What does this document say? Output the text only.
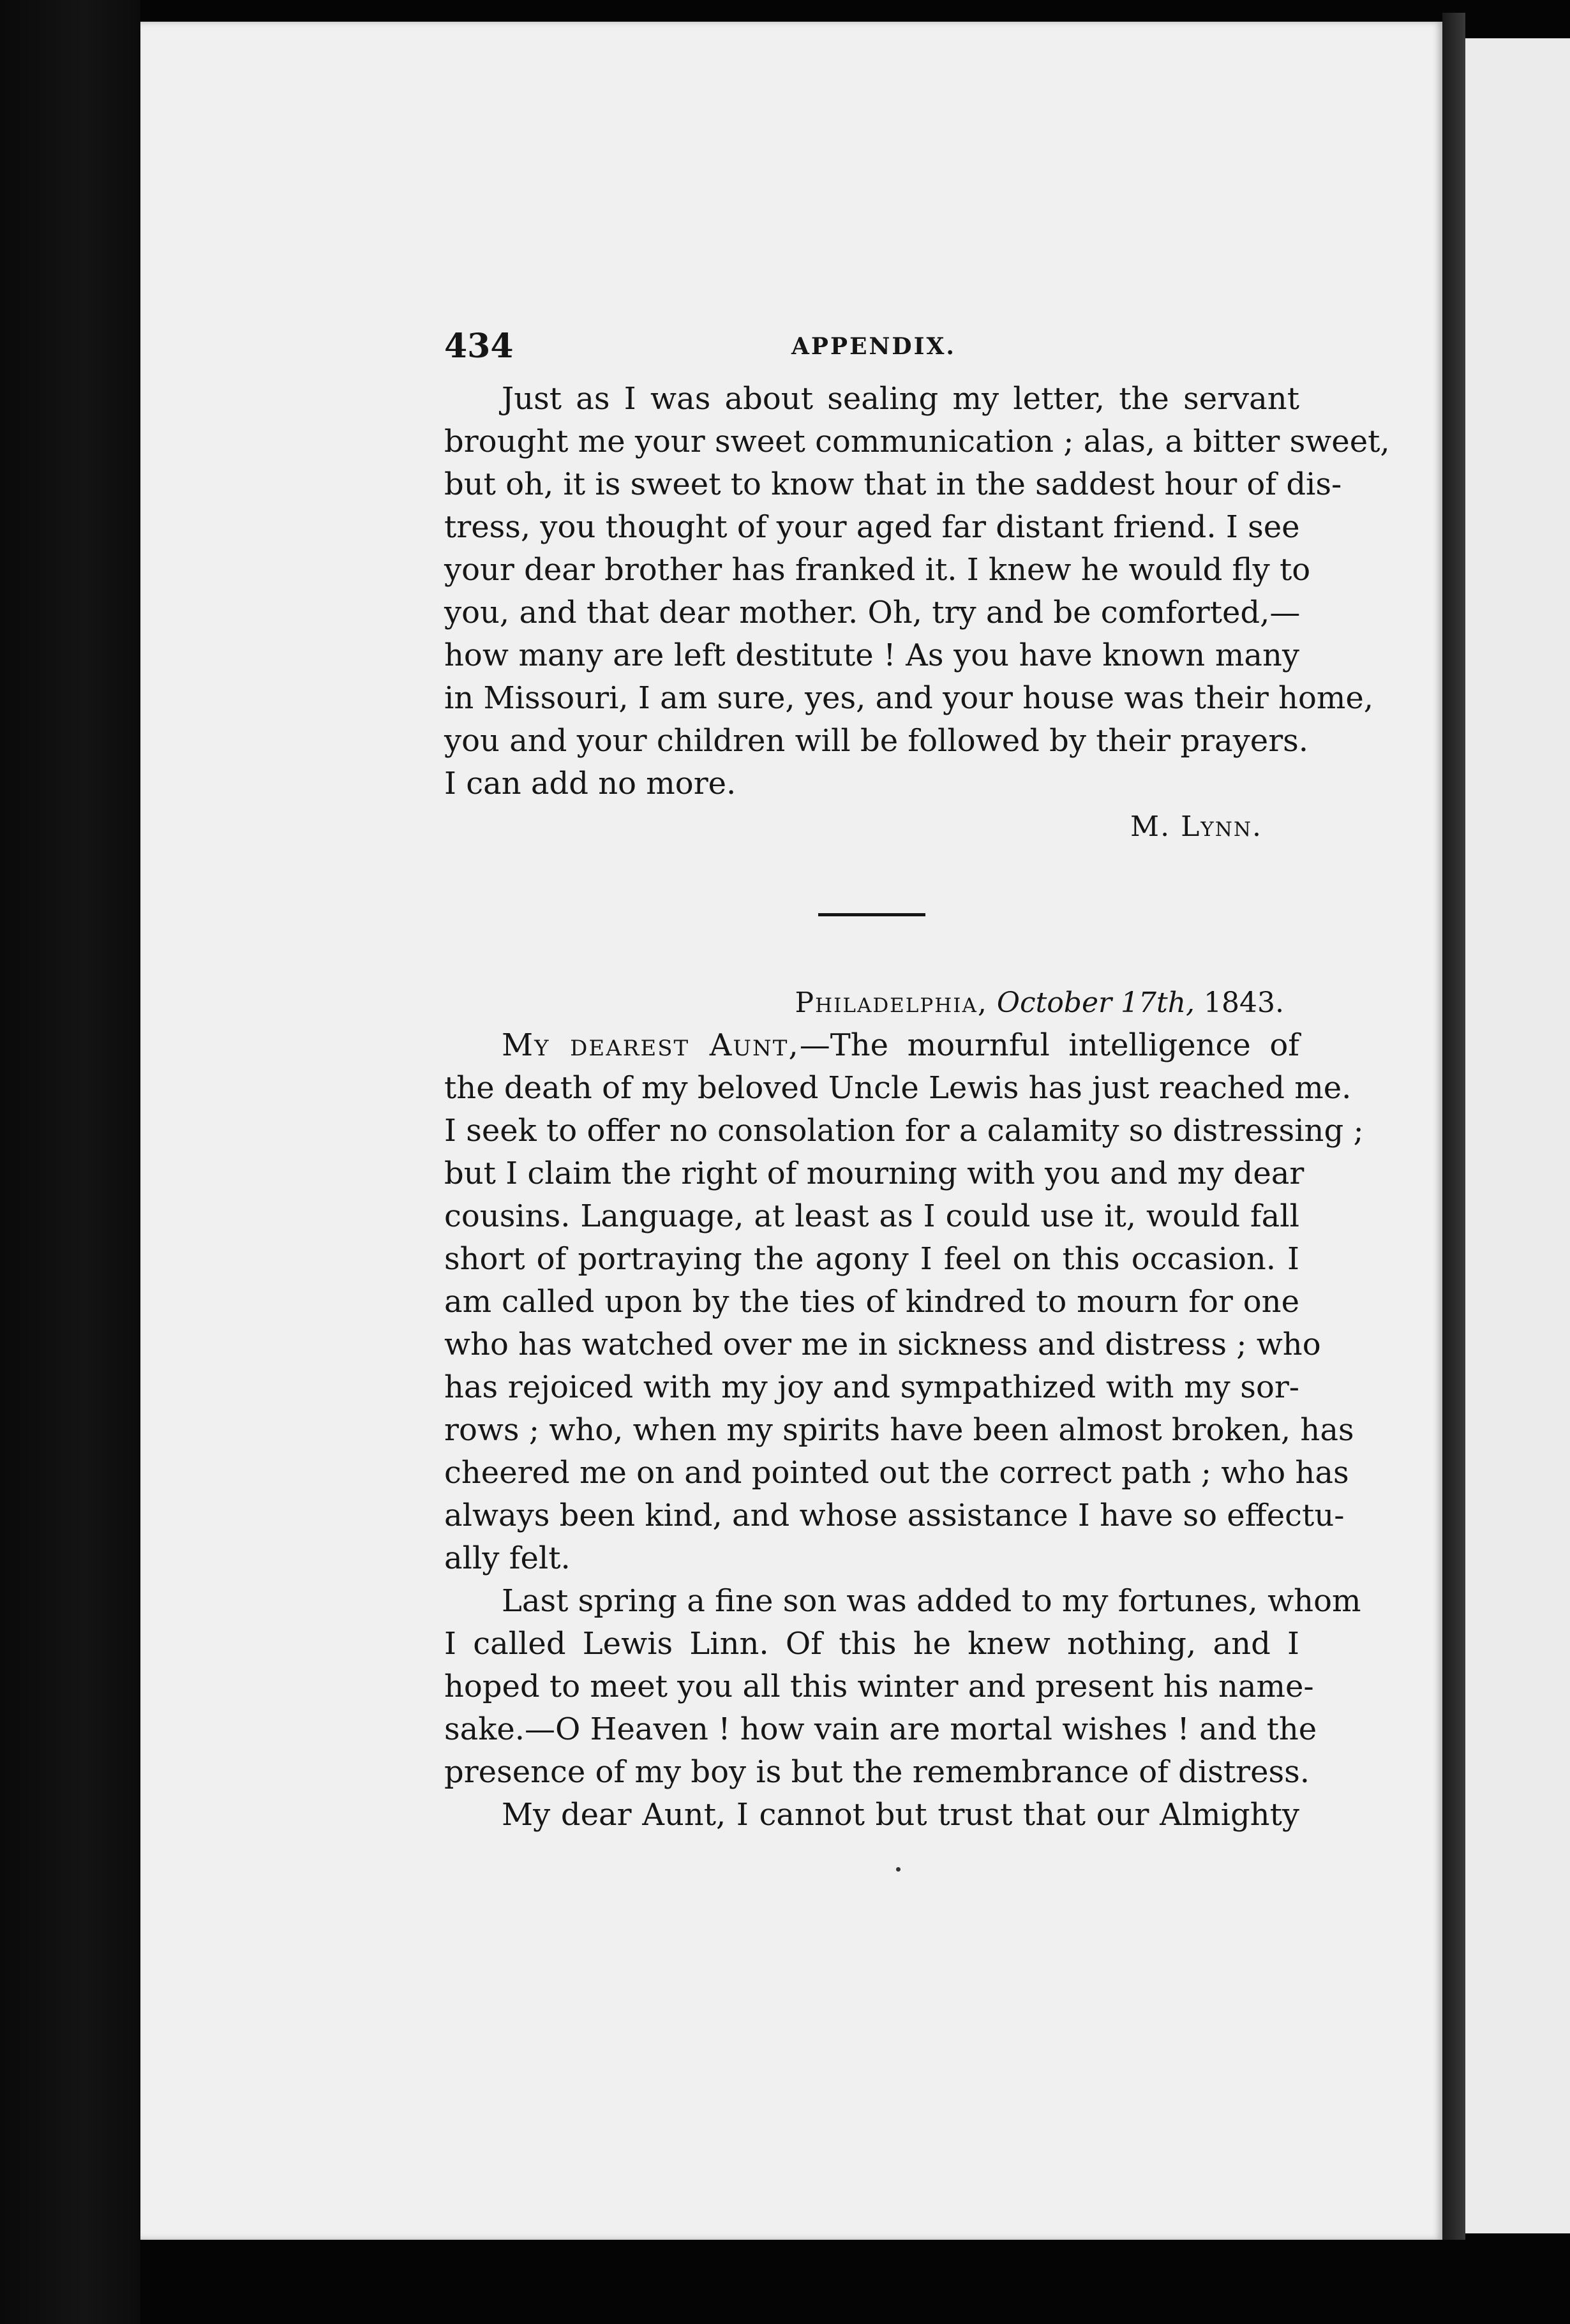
434	APPENDIX.
Just as I was about sealing my letter, the servant
brought me your sweet communication ; alas, a bitter sweet,
but oh, it is sweet to know that in the saddest hour of dis-
tress, you thought of your aged far distant friend. I see
your dear brother has franked it. I knew he would fly to
you, and that dear mother. Oh, try and be comforted,—
how many are left destitute ! As you have known many
in Missouri, I am sure, yes, and your house was their home,
you and your children will be followed by their prayers.
I can add no more.
M. Lynn.
Philadelphia, October 17th, 1843.
My dearest Aunt,—The mournful intelligence of
the death of my beloved Uncle Lewis has just reached me.
I seek to offer no consolation for a calamity so distressing ;
but I claim the right of mourning with you and my dear
cousins. Language, at least as I could use it, would fall
short of portraying the agony I feel on this occasion. I
am called upon by the ties of kindred to mourn for one
who has watched over me in sickness and distress ; who
has rejoiced with my joy and sympathized with my sor-
rows ; who, when my spirits have been almost broken, has
cheered me on and pointed out the correct path ; who has
always been kind, and whose assistance I have so effectu-
ally felt.
Last spring a fine son was added to my fortunes, whom
I called Lewis Linn. Of this he knew nothing, and I
hoped to meet you all this winter and present his name-
sake.—O Heaven ! how vain are mortal wishes ! and the
presence of my boy is but the remembrance of distress.
My dear Aunt, I cannot but trust that our Almighty
